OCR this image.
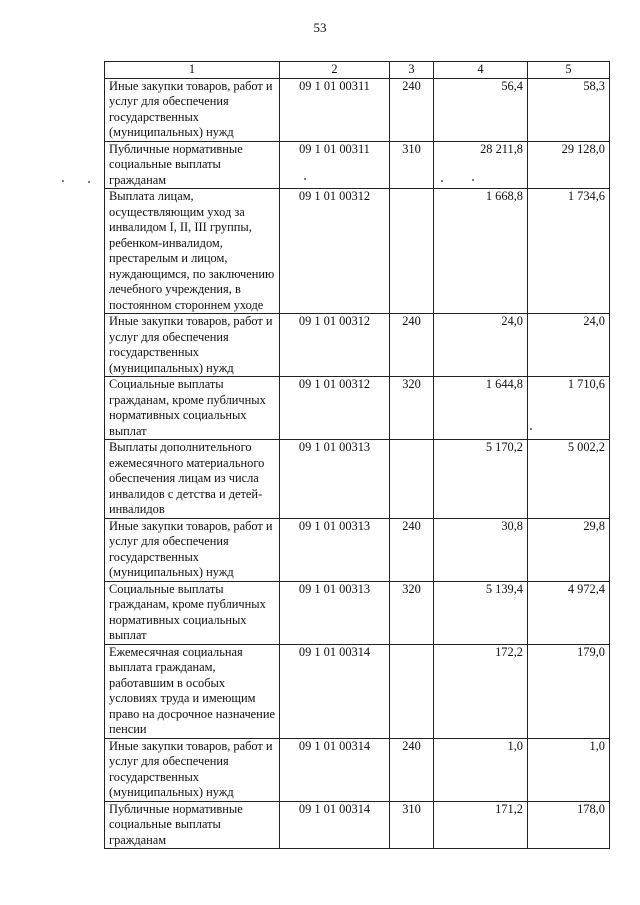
53
1	2	3	4	5
Иные закупки товаров, работ и услуг для обеспечения государственных (муниципальных) нужд	09 1 01 00311	240	56,4	58,3
Публичные нормативные социальные выплаты гражданам	09 1 01 00311	310	28 211,8	29 128,0
Выплата лицам, осуществляющим уход за инвалидом I, II, III группы, ребенком-инвалидом, престарелым и лицом, нуждающимся, по заключению лечебного учреждения, в постоянном стороннем уходе	09 1 01 00312		1 668,8	1 734,6
Иные закупки товаров, работ и услуг для обеспечения государственных (муниципальных) нужд	09 1 01 00312	240	24,0	24,0
Социальные выплаты гражданам, кроме публичных нормативных социальных выплат	09 1 01 00312	320	1 644,8	1 710,6
Выплаты дополнительного ежемесячного материального обеспечения лицам из числа инвалидов с детства и детей-инвалидов	09 1 01 00313		5 170,2	5 002,2
Иные закупки товаров, работ и услуг для обеспечения государственных (муниципальных) нужд	09 1 01 00313	240	30,8	29,8
Социальные выплаты гражданам, кроме публичных нормативных социальных выплат	09 1 01 00313	320	5 139,4	4 972,4
Ежемесячная социальная выплата гражданам, работавшим в особых условиях труда и имеющим право на досрочное назначение пенсии	09 1 01 00314		172,2	179,0
Иные закупки товаров, работ и услуг для обеспечения государственных (муниципальных) нужд	09 1 01 00314	240	1,0	1,0
Публичные нормативные социальные выплаты гражданам	09 1 01 00314	310	171,2	178,0
